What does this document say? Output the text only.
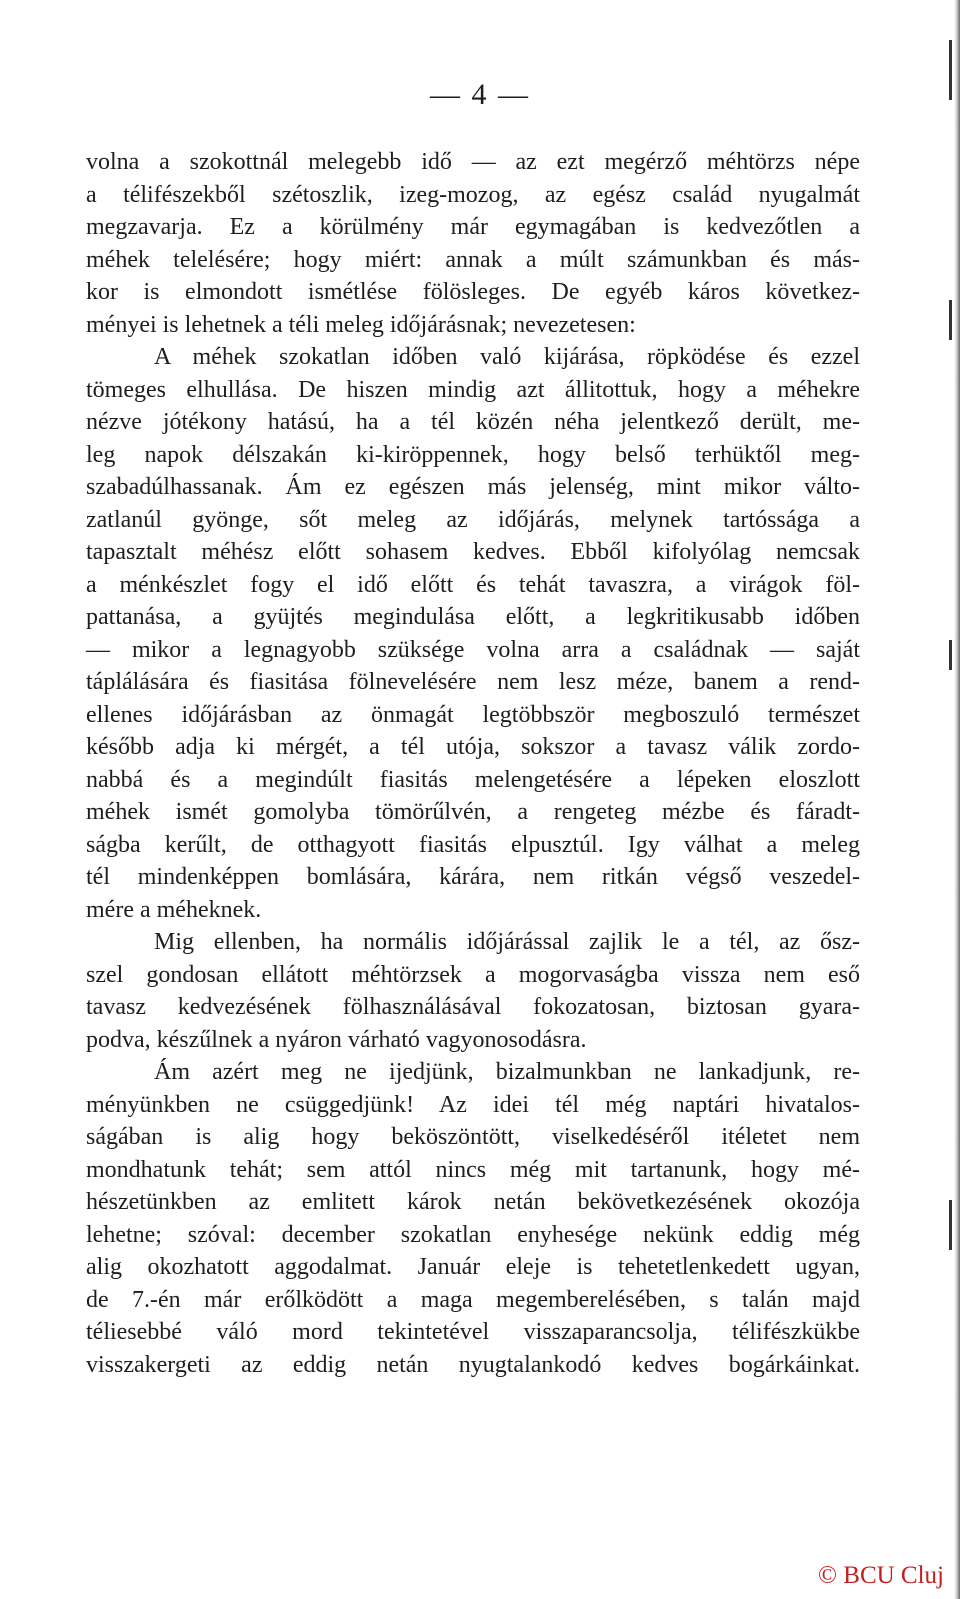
— 4 —
volna a szokottnál melegebb idő — az ezt megérző méhtörzs népe
a télifészekből szétoszlik, izeg-mozog, az egész család nyugalmát
megzavarja. Ez a körülmény már egymagában is kedvezőtlen a
méhek telelésére; hogy miért: annak a múlt számunkban és más-
kor is elmondott ismétlése fölösleges. De egyéb káros következ-
ményei is lehetnek a téli meleg időjárásnak; nevezetesen:
A méhek szokatlan időben való kijárása, röpködése és ezzel
tömeges elhullása. De hiszen mindig azt állitottuk, hogy a méhekre
nézve jótékony hatású, ha a tél közén néha jelentkező derült, me-
leg napok délszakán ki-kiröppennek, hogy belső terhüktől meg-
szabadúlhassanak. Ám ez egészen más jelenség, mint mikor válto-
zatlanúl gyönge, sőt meleg az időjárás, melynek tartóssága a
tapasztalt méhész előtt sohasem kedves. Ebből kifolyólag nemcsak
a ménkészlet fogy el idő előtt és tehát tavaszra, a virágok föl-
pattanása, a gyüjtés megindulása előtt, a legkritikusabb időben
— mikor a legnagyobb szüksége volna arra a családnak — saját
táplálására és fiasitása fölnevelésére nem lesz méze, banem a rend-
ellenes időjárásban az önmagát legtöbbször megboszuló természet
később adja ki mérgét, a tél utója, sokszor a tavasz válik zordo-
nabbá és a megindúlt fiasitás melengetésére a lépeken eloszlott
méhek ismét gomolyba tömörűlvén, a rengeteg mézbe és fáradt-
ságba kerűlt, de otthagyott fiasitás elpusztúl. Igy válhat a meleg
tél mindenképpen bomlására, kárára, nem ritkán végső veszedel-
mére a méheknek.
Mig ellenben, ha normális időjárással zajlik le a tél, az ősz-
szel gondosan ellátott méhtörzsek a mogorvaságba vissza nem eső
tavasz kedvezésének fölhasználásával fokozatosan, biztosan gyara-
podva, készűlnek a nyáron várható vagyonosodásra.
Ám azért meg ne ijedjünk, bizalmunkban ne lankadjunk, re-
ményünkben ne csüggedjünk! Az idei tél még naptári hivatalos-
ságában is alig hogy beköszöntött, viselkedéséről itéletet nem
mondhatunk tehát; sem attól nincs még mit tartanunk, hogy mé-
hészetünkben az emlitett károk netán bekövetkezésének okozója
lehetne; szóval: december szokatlan enyhesége nekünk eddig még
alig okozhatott aggodalmat. Január eleje is tehetetlenkedett ugyan,
de 7.-én már erőlködött a maga megemberelésében, s talán majd
téliesebbé váló mord tekintetével visszaparancsolja, télifészkükbe
visszakergeti az eddig netán nyugtalankodó kedves bogárkáinkat.
© BCU Cluj
